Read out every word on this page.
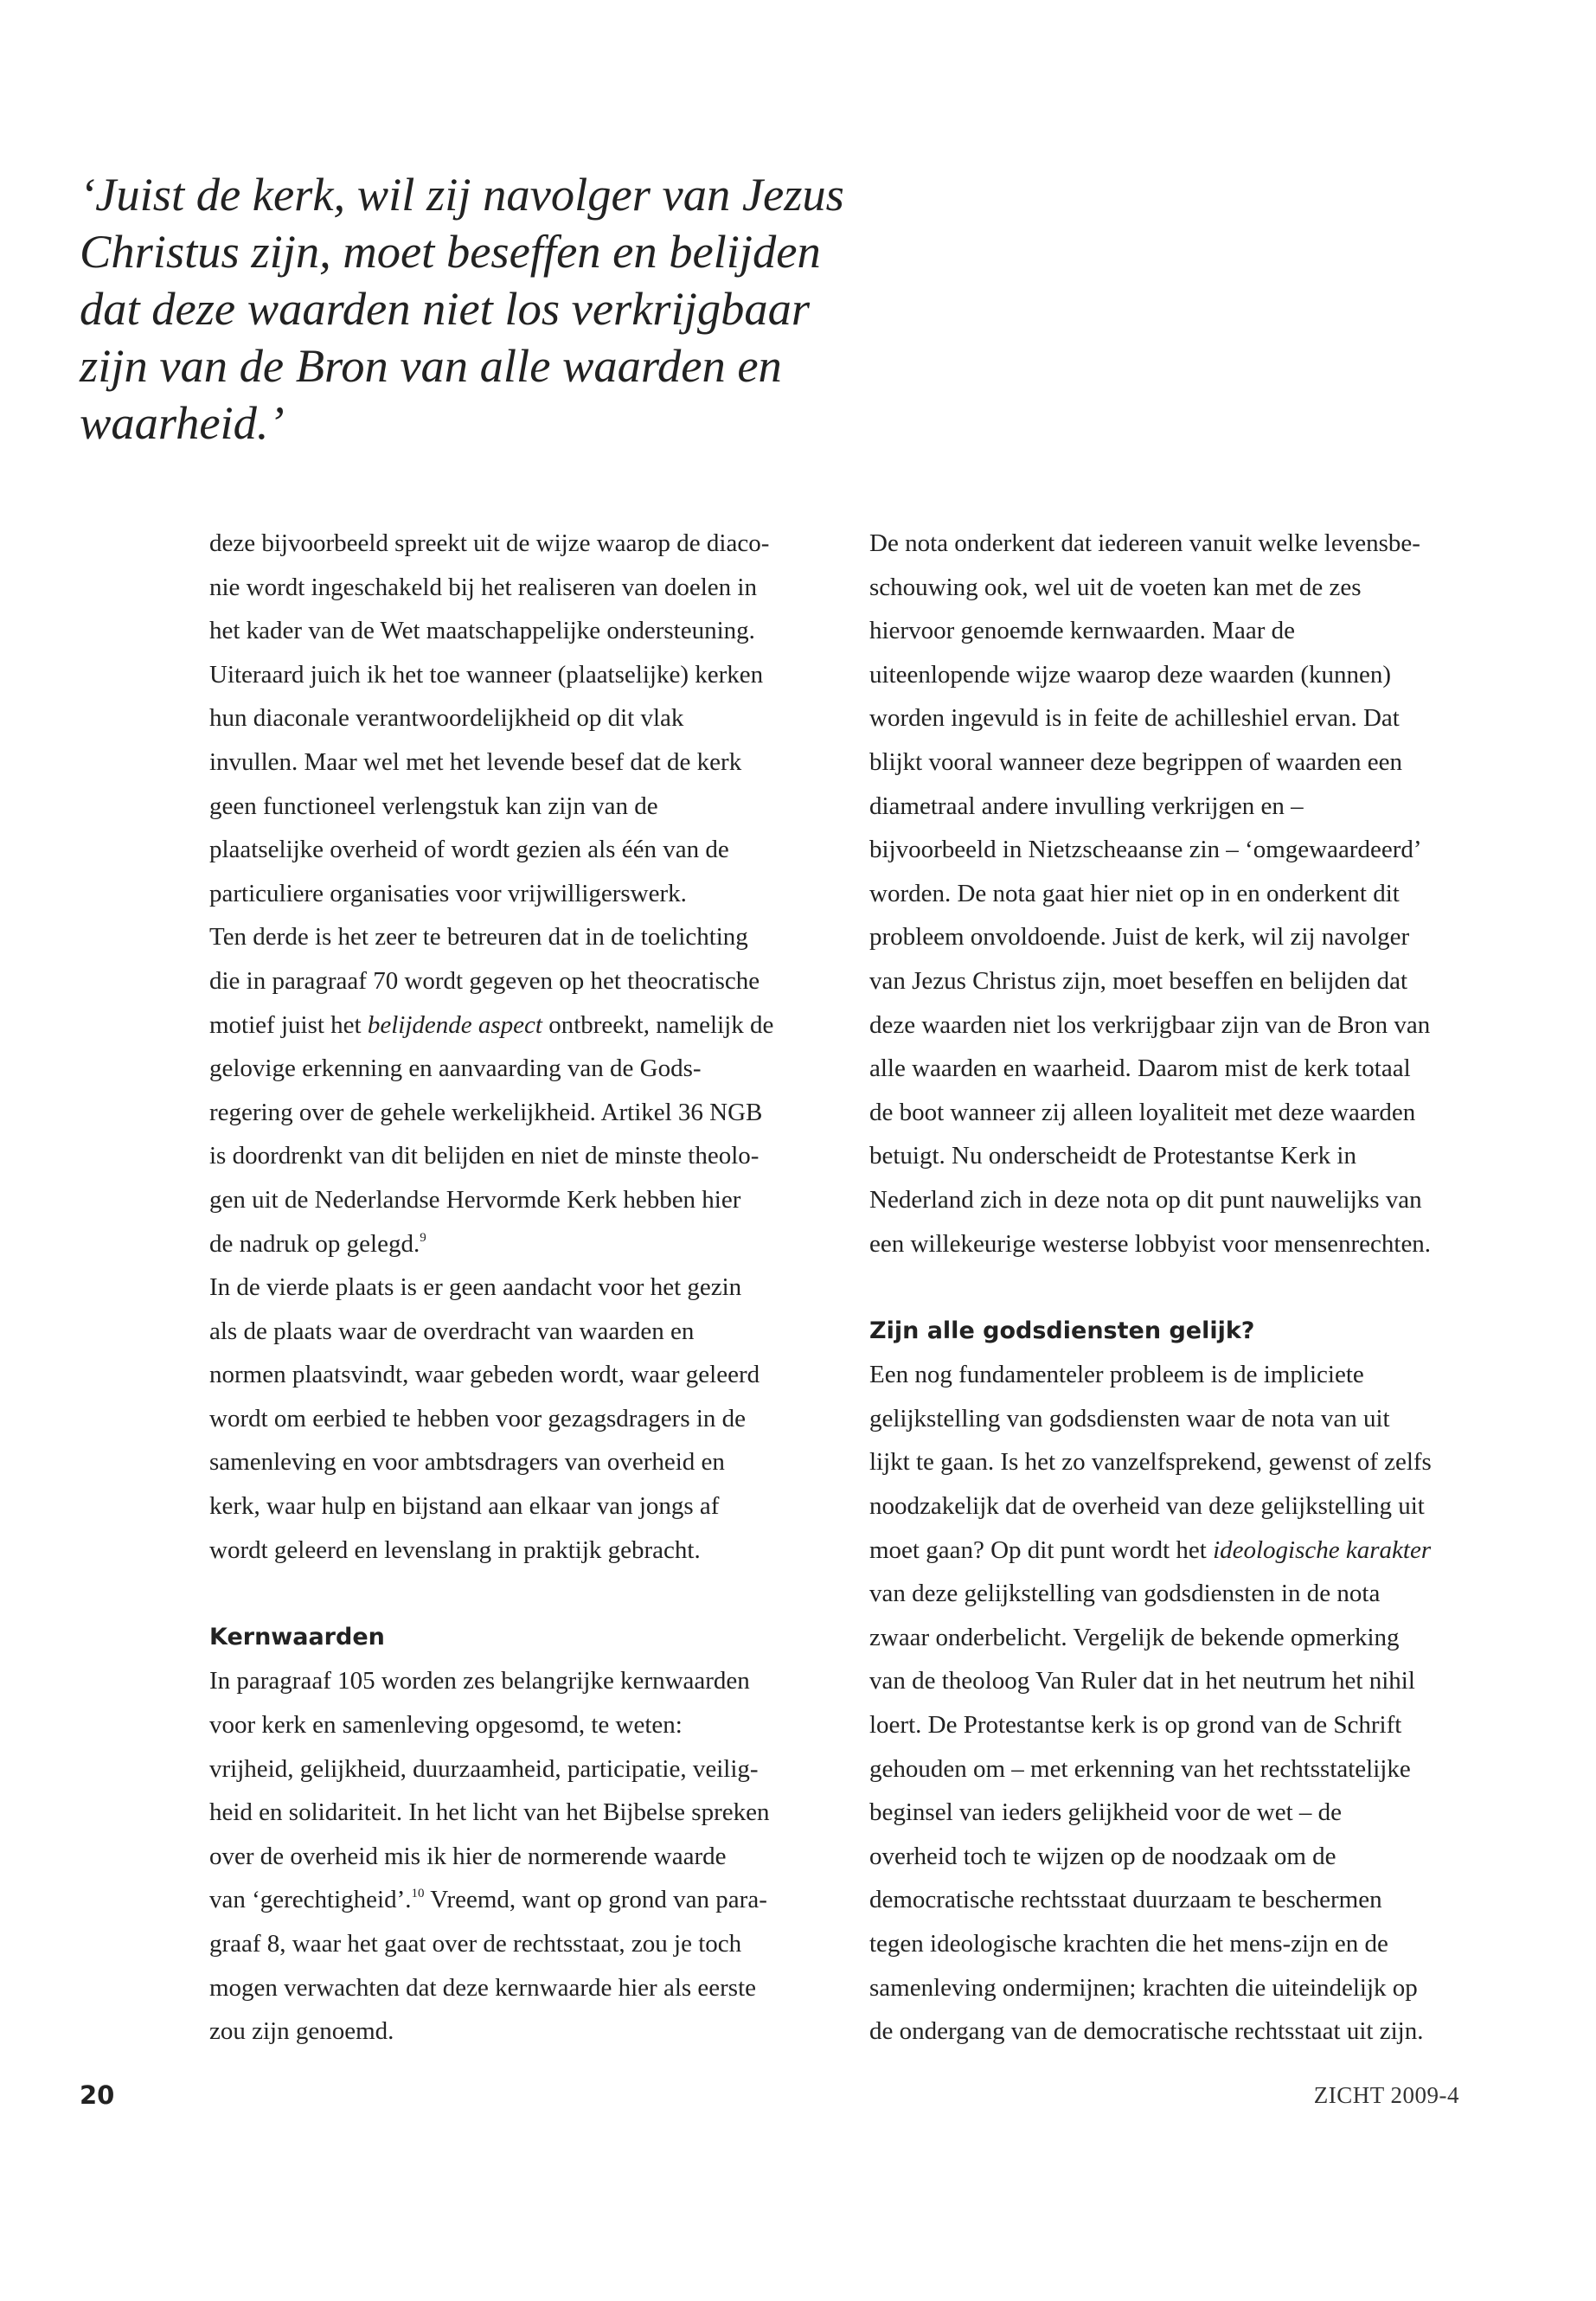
‘Juist de kerk, wil zij navolger van Jezus
Christus zijn, moet beseffen en belijden
dat deze waarden niet los verkrijgbaar
zijn van de Bron van alle waarden en
waarheid.’
deze bijvoorbeeld spreekt uit de wijze waarop de diaco-
nie wordt ingeschakeld bij het realiseren van doelen in
het kader van de Wet maatschappelijke ondersteuning.
Uiteraard juich ik het toe wanneer (plaatselijke) kerken
hun diaconale verantwoordelijkheid op dit vlak
invullen. Maar wel met het levende besef dat de kerk
geen functioneel verlengstuk kan zijn van de
plaatselijke overheid of wordt gezien als één van de
particuliere organisaties voor vrijwilligerswerk.
Ten derde is het zeer te betreuren dat in de toelichting
die in paragraaf 70 wordt gegeven op het theocratische
motief juist het belijdende aspect ontbreekt, namelijk de
gelovige erkenning en aanvaarding van de Gods-
regering over de gehele werkelijkheid. Artikel 36 NGB
is doordrenkt van dit belijden en niet de minste theolo-
gen uit de Nederlandse Hervormde Kerk hebben hier
de nadruk op gelegd.$^9$
In de vierde plaats is er geen aandacht voor het gezin
als de plaats waar de overdracht van waarden en
normen plaatsvindt, waar gebeden wordt, waar geleerd
wordt om eerbied te hebben voor gezagsdragers in de
samenleving en voor ambtsdragers van overheid en
kerk, waar hulp en bijstand aan elkaar van jongs af
wordt geleerd en levenslang in praktijk gebracht.
Kernwaarden
In paragraaf 105 worden zes belangrijke kernwaarden
voor kerk en samenleving opgesomd, te weten:
vrijheid, gelijkheid, duurzaamheid, participatie, veilig-
heid en solidariteit. In het licht van het Bijbelse spreken
over de overheid mis ik hier de normerende waarde
van ‘gerechtigheid’.$^{10}$ Vreemd, want op grond van para-
graaf 8, waar het gaat over de rechtsstaat, zou je toch
mogen verwachten dat deze kernwaarde hier als eerste
zou zijn genoemd.
De nota onderkent dat iedereen vanuit welke levensbe-
schouwing ook, wel uit de voeten kan met de zes
hiervoor genoemde kernwaarden. Maar de
uiteenlopende wijze waarop deze waarden (kunnen)
worden ingevuld is in feite de achilleshiel ervan. Dat
blijkt vooral wanneer deze begrippen of waarden een
diametraal andere invulling verkrijgen en –
bijvoorbeeld in Nietzscheaanse zin – ‘omgewaardeerd’
worden. De nota gaat hier niet op in en onderkent dit
probleem onvoldoende. Juist de kerk, wil zij navolger
van Jezus Christus zijn, moet beseffen en belijden dat
deze waarden niet los verkrijgbaar zijn van de Bron van
alle waarden en waarheid. Daarom mist de kerk totaal
de boot wanneer zij alleen loyaliteit met deze waarden
betuigt. Nu onderscheidt de Protestantse Kerk in
Nederland zich in deze nota op dit punt nauwelijks van
een willekeurige westerse lobbyist voor mensenrechten.
Zijn alle godsdiensten gelijk?
Een nog fundamenteler probleem is de impliciete
gelijkstelling van godsdiensten waar de nota van uit
lijkt te gaan. Is het zo vanzelfsprekend, gewenst of zelfs
noodzakelijk dat de overheid van deze gelijkstelling uit
moet gaan? Op dit punt wordt het ideologische karakter
van deze gelijkstelling van godsdiensten in de nota
zwaar onderbelicht. Vergelijk de bekende opmerking
van de theoloog Van Ruler dat in het neutrum het nihil
loert. De Protestantse kerk is op grond van de Schrift
gehouden om – met erkenning van het rechtsstatelijke
beginsel van ieders gelijkheid voor de wet – de
overheid toch te wijzen op de noodzaak om de
democratische rechtsstaat duurzaam te beschermen
tegen ideologische krachten die het mens-zijn en de
samenleving ondermijnen; krachten die uiteindelijk op
de ondergang van de democratische rechtsstaat uit zijn.
20	ZICHT 2009-4
